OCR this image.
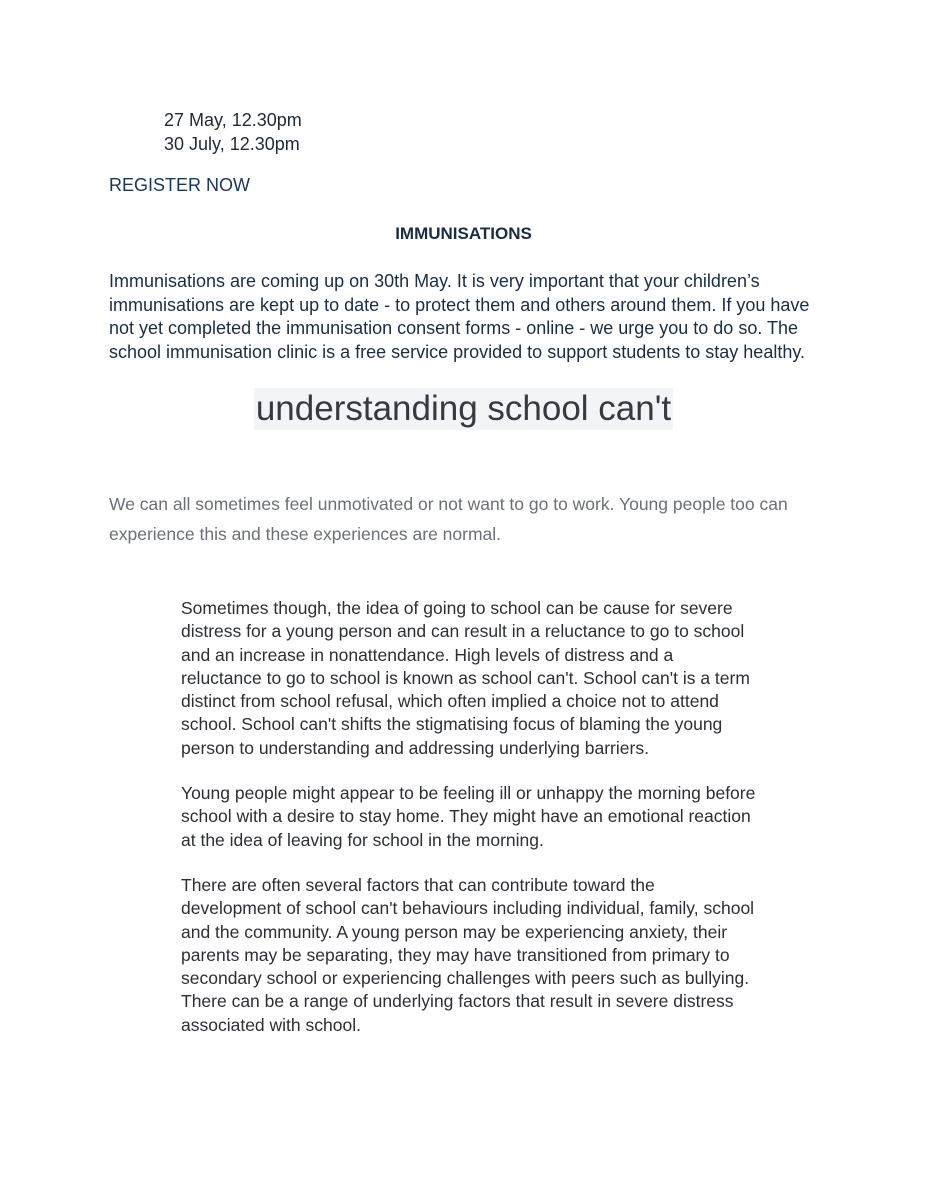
27 May, 12.30pm
30 July, 12.30pm
REGISTER NOW
IMMUNISATIONS

Immunisations are coming up on 30th May. It is very important that your children’s immunisations are kept up to date - to protect them and others around them. If you have not yet completed the immunisation consent forms - online - we urge you to do so. The school immunisation clinic is a free service provided to support students to stay healthy.

understanding school can't

We can all sometimes feel unmotivated or not want to go to work. Young people too can experience this and these experiences are normal.

Sometimes though, the idea of going to school can be cause for severe distress for a young person and can result in a reluctance to go to school and an increase in nonattendance. High levels of distress and a reluctance to go to school is known as school can't. School can't is a term distinct from school refusal, which often implied a choice not to attend school. School can't shifts the stigmatising focus of blaming the young person to understanding and addressing underlying barriers.

Young people might appear to be feeling ill or unhappy the morning before school with a desire to stay home. They might have an emotional reaction at the idea of leaving for school in the morning.

There are often several factors that can contribute toward the development of school can't behaviours including individual, family, school and the community. A young person may be experiencing anxiety, their parents may be separating, they may have transitioned from primary to secondary school or experiencing challenges with peers such as bullying. There can be a range of underlying factors that result in severe distress associated with school.
